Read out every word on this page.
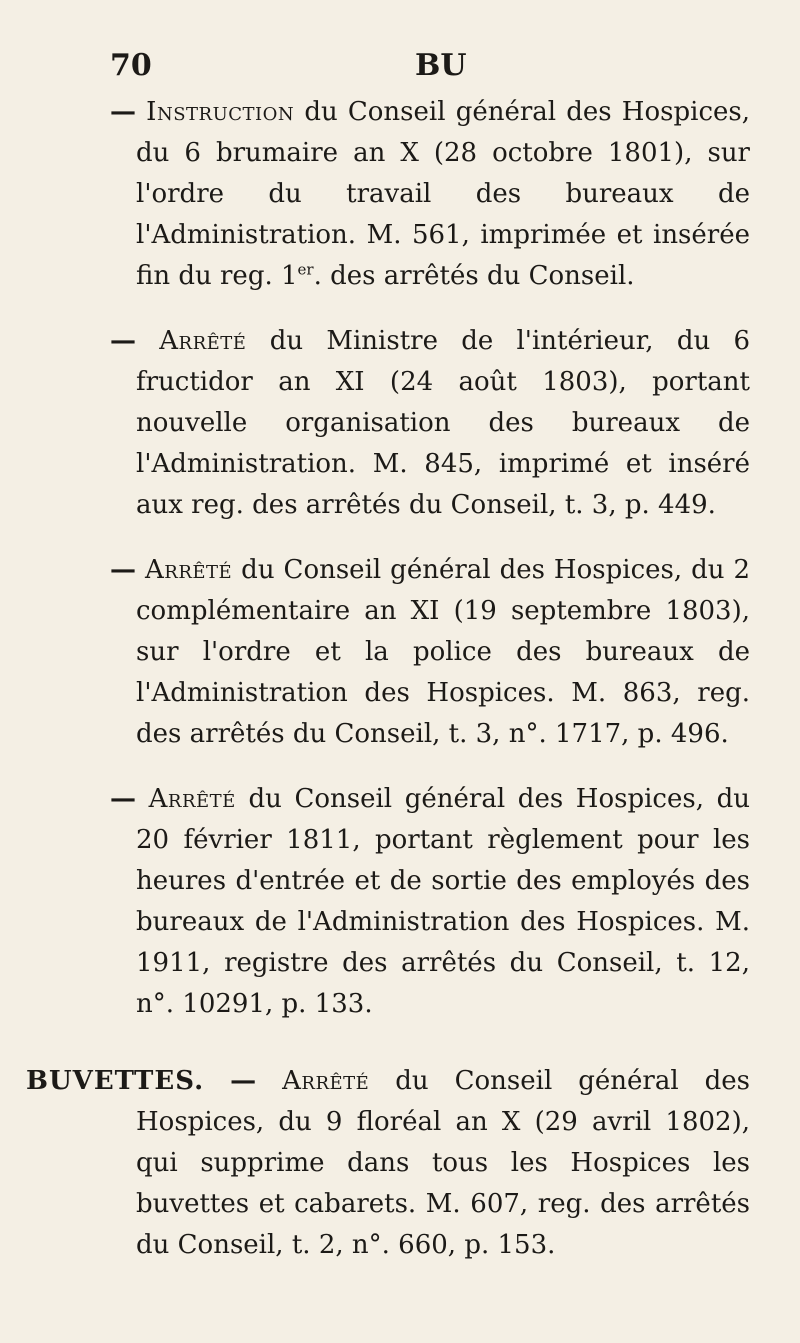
70	BU

— Instruction du Conseil général des Hospices, du 6 brumaire an X (28 octobre 1801), sur l'ordre du travail des bureaux de l'Administration. M. 561, imprimée et insérée fin du reg. 1er. des arrêtés du Conseil.

— Arrêté du Ministre de l'intérieur, du 6 fructidor an XI (24 août 1803), portant nouvelle organisation des bureaux de l'Administration. M. 845, imprimé et inséré aux reg. des arrêtés du Conseil, t. 3, p. 449.

— Arrêté du Conseil général des Hospices, du 2 complémentaire an XI (19 septembre 1803), sur l'ordre et la police des bureaux de l'Administration des Hospices. M. 863, reg. des arrêtés du Conseil, t. 3, n°. 1717, p. 496.

— Arrêté du Conseil général des Hospices, du 20 février 1811, portant règlement pour les heures d'entrée et de sortie des employés des bureaux de l'Administration des Hospices. M. 1911, registre des arrêtés du Conseil, t. 12, n°. 10291, p. 133.

BUVETTES. — Arrêté du Conseil général des Hospices, du 9 floréal an X (29 avril 1802), qui supprime dans tous les Hospices les buvettes et cabarets. M. 607, reg. des arrêtés du Conseil, t. 2, n°. 660, p. 153.
